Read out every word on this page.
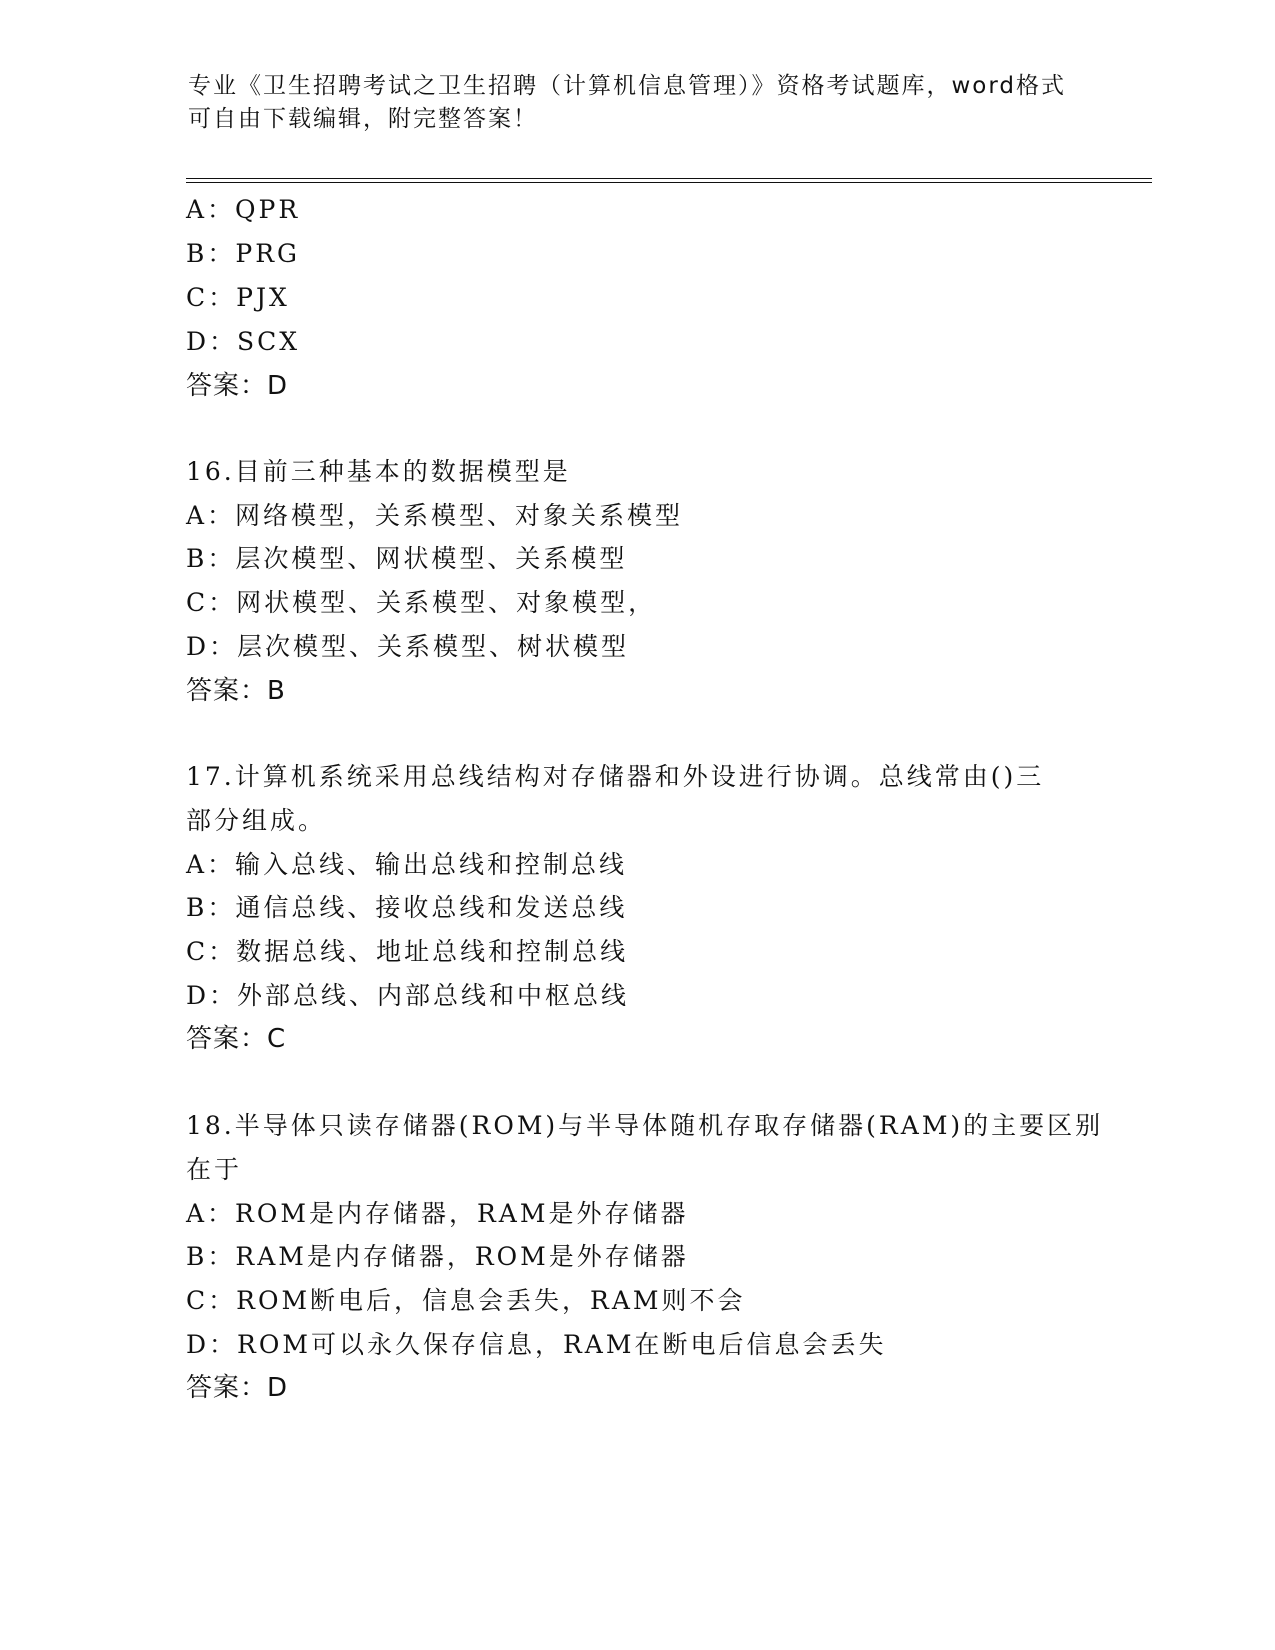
专业《卫生招聘考试之卫生招聘（计算机信息管理）》资格考试题库，word格式
可自由下载编辑，附完整答案！
A：QPR
B：PRG
C：PJX
D：SCX
答案：D
16.目前三种基本的数据模型是
A：网络模型，关系模型、对象关系模型
B：层次模型、网状模型、关系模型
C：网状模型、关系模型、对象模型，
D：层次模型、关系模型、树状模型
答案：B
17.计算机系统采用总线结构对存储器和外设进行协调。总线常由()三
部分组成。
A：输入总线、输出总线和控制总线
B：通信总线、接收总线和发送总线
C：数据总线、地址总线和控制总线
D：外部总线、内部总线和中枢总线
答案：C
18.半导体只读存储器(ROM)与半导体随机存取存储器(RAM)的主要区别
在于
A：ROM是内存储器，RAM是外存储器
B：RAM是内存储器，ROM是外存储器
C：ROM断电后，信息会丢失，RAM则不会
D：ROM可以永久保存信息，RAM在断电后信息会丢失
答案：D
